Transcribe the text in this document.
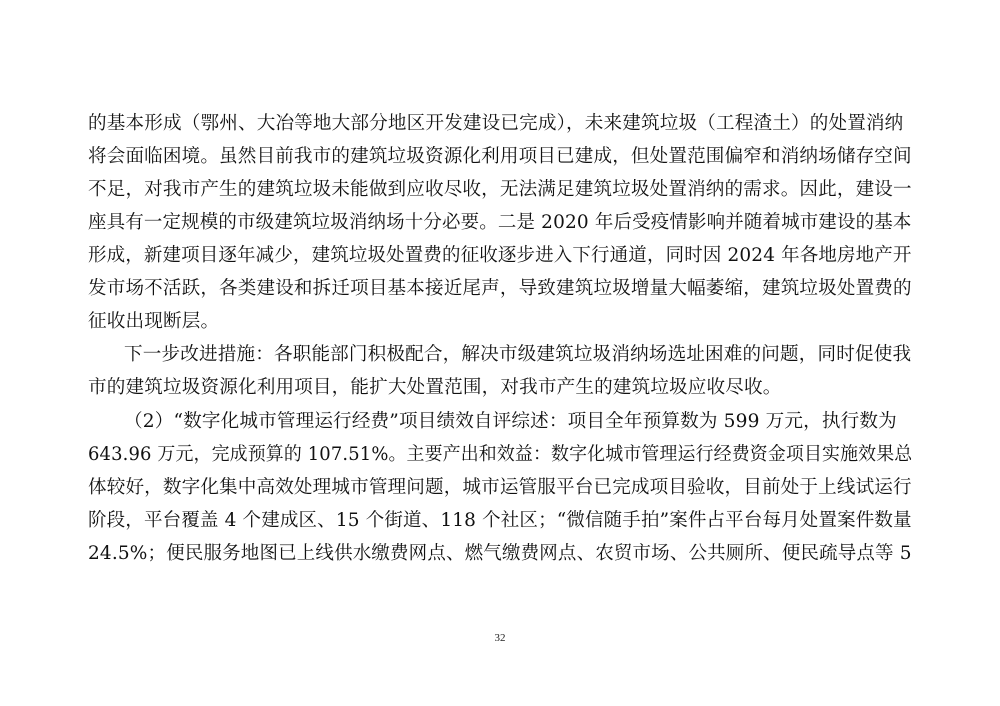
的基本形成（鄂州、大冶等地大部分地区开发建设已完成），未来建筑垃圾（工程渣土）的处置消纳
将会面临困境。虽然目前我市的建筑垃圾资源化利用项目已建成，但处置范围偏窄和消纳场储存空间
不足，对我市产生的建筑垃圾未能做到应收尽收，无法满足建筑垃圾处置消纳的需求。因此，建设一
座具有一定规模的市级建筑垃圾消纳场十分必要。二是 2020 年后受疫情影响并随着城市建设的基本
形成，新建项目逐年减少，建筑垃圾处置费的征收逐步进入下行通道，同时因 2024 年各地房地产开
发市场不活跃，各类建设和拆迁项目基本接近尾声，导致建筑垃圾增量大幅萎缩，建筑垃圾处置费的
征收出现断层。
下一步改进措施：各职能部门积极配合，解决市级建筑垃圾消纳场选址困难的问题，同时促使我
市的建筑垃圾资源化利用项目，能扩大处置范围，对我市产生的建筑垃圾应收尽收。
（2）“数字化城市管理运行经费”项目绩效自评综述：项目全年预算数为 599 万元，执行数为
643.96 万元，完成预算的 107.51%。主要产出和效益：数字化城市管理运行经费资金项目实施效果总
体较好，数字化集中高效处理城市管理问题，城市运管服平台已完成项目验收，目前处于上线试运行
阶段，平台覆盖 4 个建成区、15 个街道、118 个社区；“微信随手拍”案件占平台每月处置案件数量
24.5%；便民服务地图已上线供水缴费网点、燃气缴费网点、农贸市场、公共厕所、便民疏导点等 5
32
